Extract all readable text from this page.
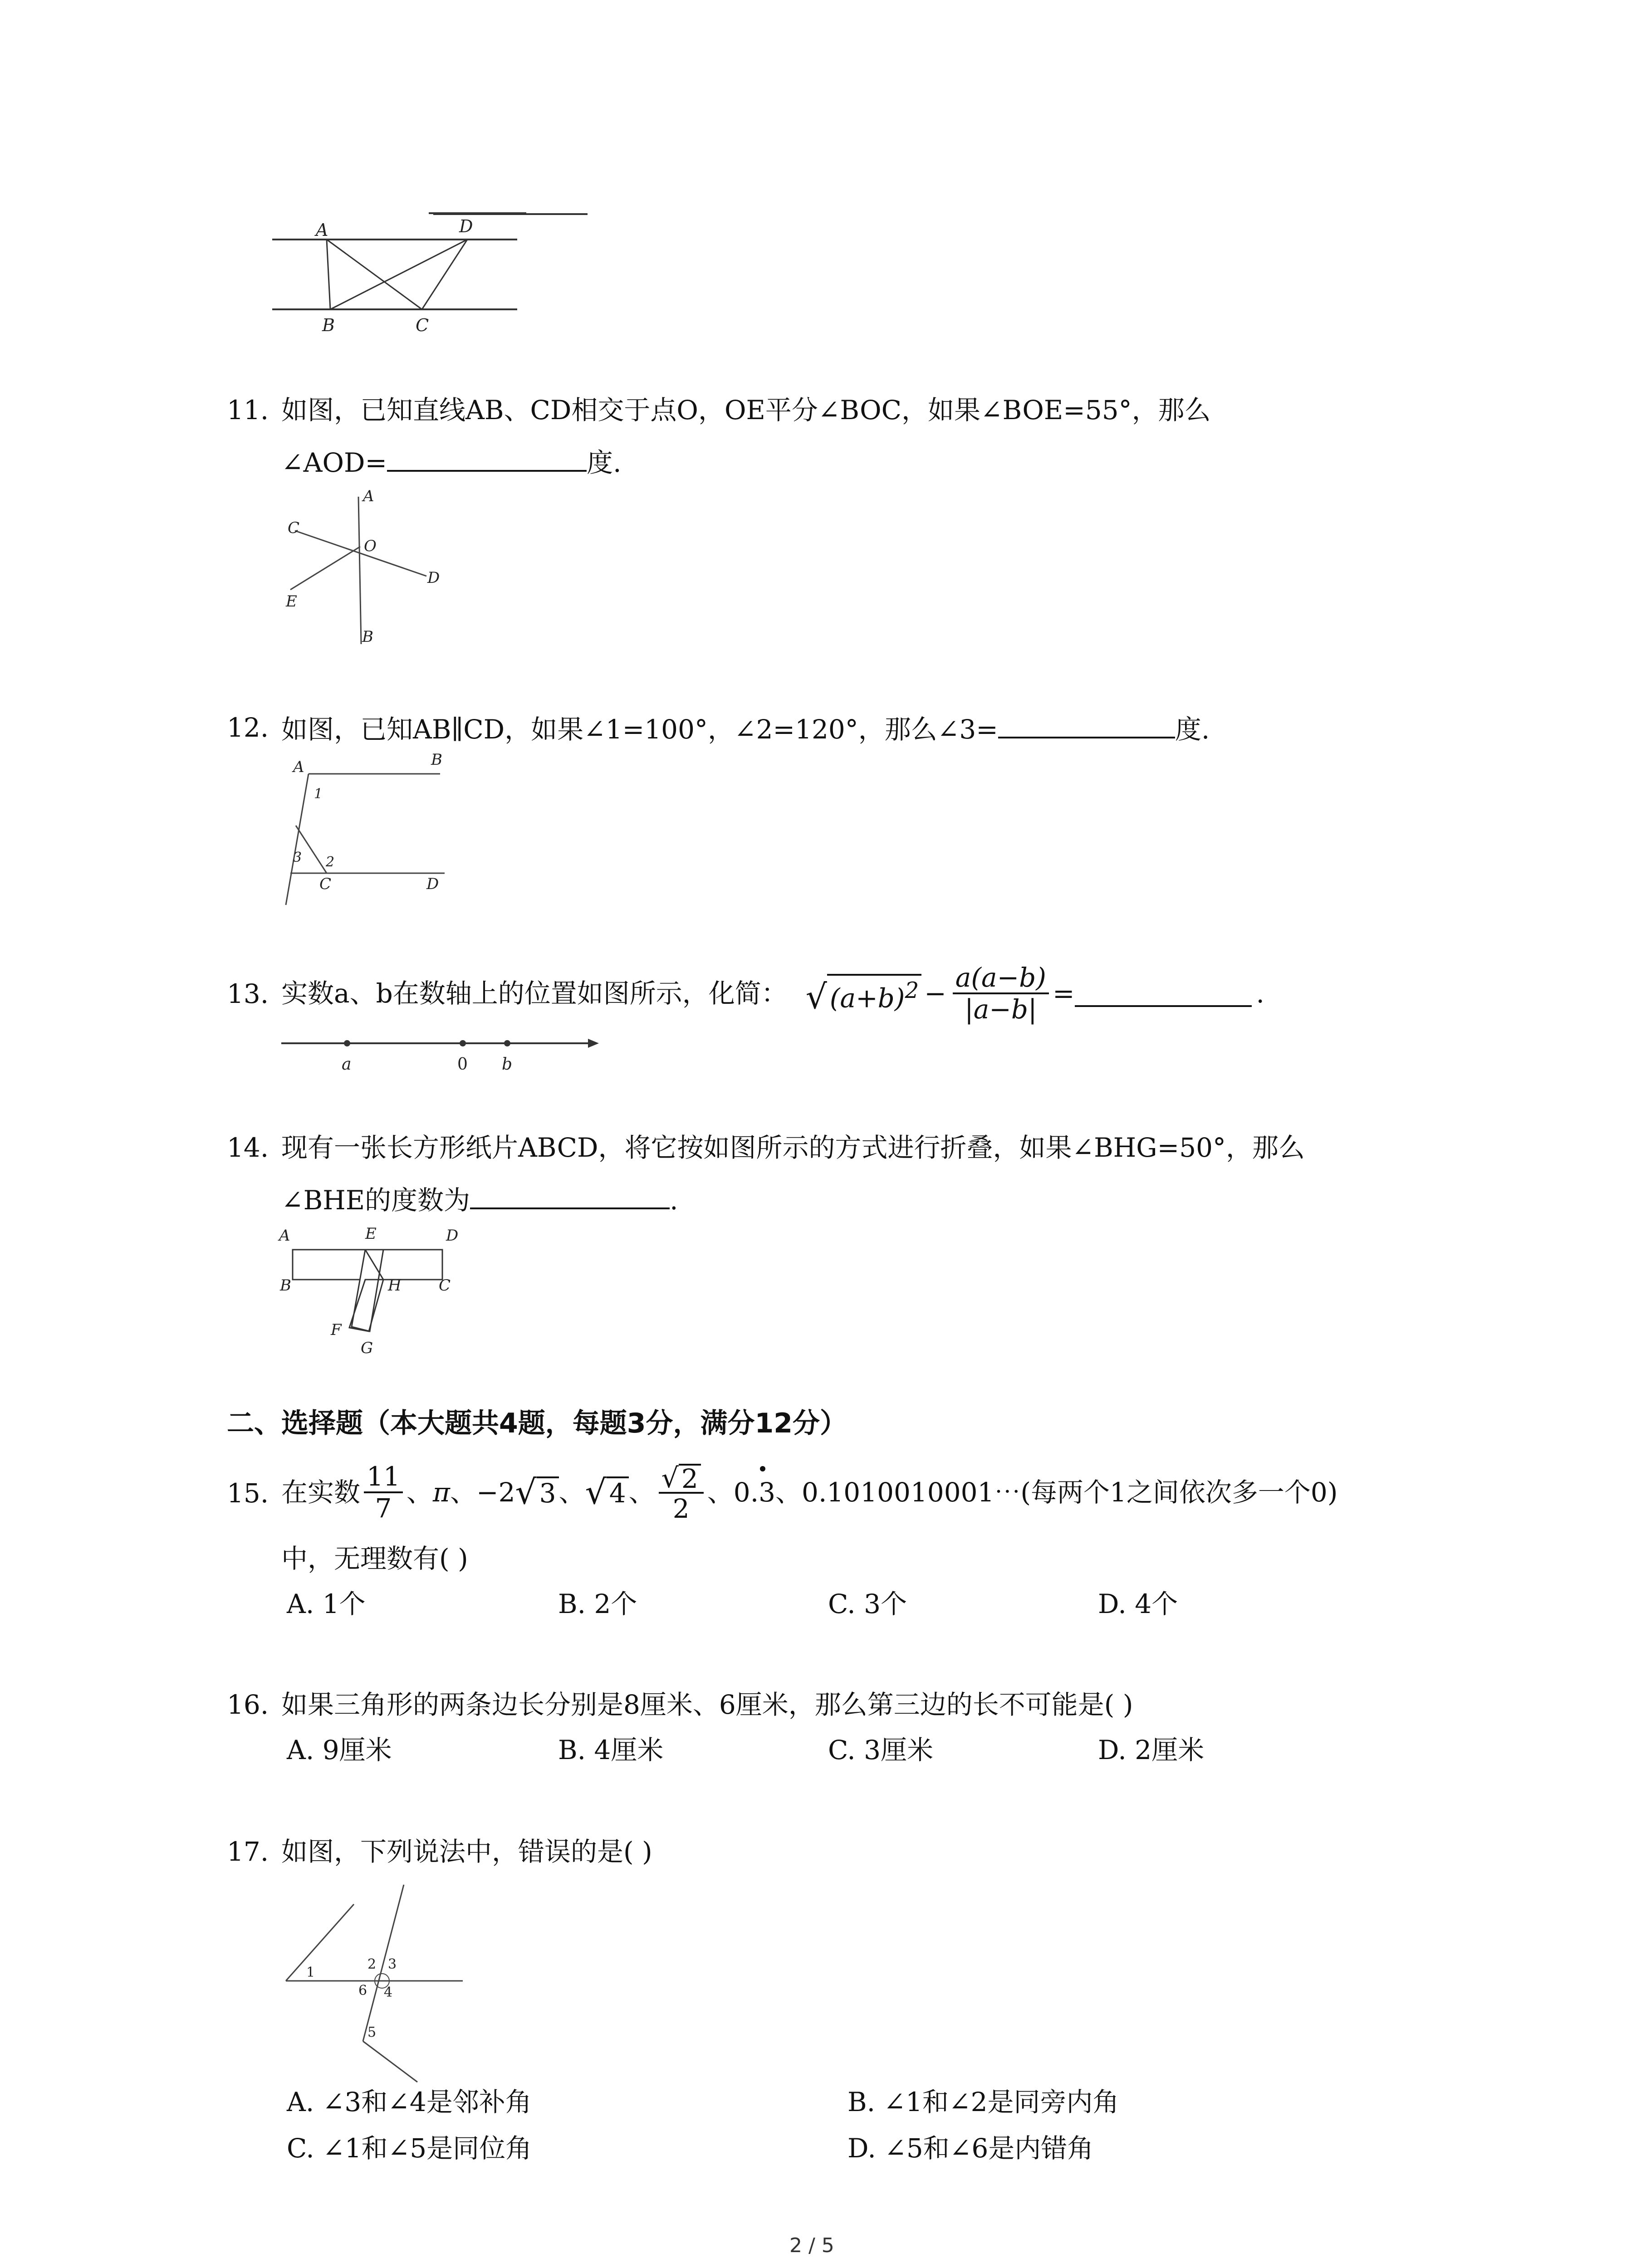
A	D
B	C
11. 如图，已知直线AB、CD相交于点O，OE平分∠BOC，如果∠BOE=55°，那么
∠AOD=	度.
A
C
O
D
E
B
12. 如图，已知AB∥CD，如果∠1=100°，∠2=120°，那么∠3=	度.
A	B
1
3 2
C	D
13. 实数a、b在数轴上的位置如图所示，化简： √ $(a+b)^2 - \frac{a(a-b)}{|a-b|}$ =	.
a	0 b
14. 现有一张长方形纸片ABCD，将它按如图所示的方式进行折叠，如果∠BHG=50°，那么
∠BHE的度数为	.
A	E	D
B	H C
F
G
二、选择题（本大题共4题，每题3分，满分12分）
15. 在实数 $\frac{11}{7}$ 、 π 、 −2 √ 3 、 √ 4 、 $\frac{√ 2}{2}$ 、 0.3 、0.1010010001⋯(每两个1之间依次多一个0)
中，无理数有( )
A. 1个	B. 2个	C. 3个	D. 4个
16. 如果三角形的两条边长分别是8厘米、6厘米，那么第三边的长不可能是( )
A. 9厘米	B. 4厘米	C. 3厘米	D. 2厘米
17. 如图，下列说法中，错误的是( )
1
2 3
6 4
5
A. ∠3和∠4是邻补角	B. ∠1和∠2是同旁内角
C. ∠1和∠5是同位角	D. ∠5和∠6是内错角
2 / 5
